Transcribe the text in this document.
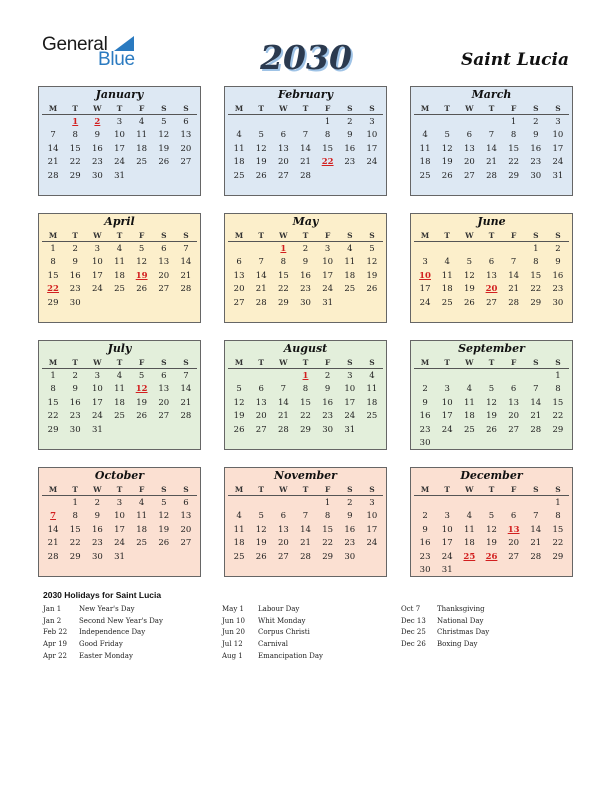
General
Blue	2030	Saint Lucia
January
M	T	W	T	F	S	S
	1	2	3	4	5	6
7	8	9	10	11	12	13
14	15	16	17	18	19	20
21	22	23	24	25	26	27
28	29	30	31			
February
M	T	W	T	F	S	S
				1	2	3
4	5	6	7	8	9	10
11	12	13	14	15	16	17
18	19	20	21	22	23	24
25	26	27	28			
March
M	T	W	T	F	S	S
				1	2	3
4	5	6	7	8	9	10
11	12	13	14	15	16	17
18	19	20	21	22	23	24
25	26	27	28	29	30	31
April
M	T	W	T	F	S	S
1	2	3	4	5	6	7
8	9	10	11	12	13	14
15	16	17	18	19	20	21
22	23	24	25	26	27	28
29	30					
May
M	T	W	T	F	S	S
		1	2	3	4	5
6	7	8	9	10	11	12
13	14	15	16	17	18	19
20	21	22	23	24	25	26
27	28	29	30	31		
June
M	T	W	T	F	S	S
					1	2
3	4	5	6	7	8	9
10	11	12	13	14	15	16
17	18	19	20	21	22	23
24	25	26	27	28	29	30
July
M	T	W	T	F	S	S
1	2	3	4	5	6	7
8	9	10	11	12	13	14
15	16	17	18	19	20	21
22	23	24	25	26	27	28
29	30	31				
August
M	T	W	T	F	S	S
			1	2	3	4
5	6	7	8	9	10	11
12	13	14	15	16	17	18
19	20	21	22	23	24	25
26	27	28	29	30	31	
September
M	T	W	T	F	S	S
						1
2	3	4	5	6	7	8
9	10	11	12	13	14	15
16	17	18	19	20	21	22
23	24	25	26	27	28	29
30						
October
M	T	W	T	F	S	S
	1	2	3	4	5	6
7	8	9	10	11	12	13
14	15	16	17	18	19	20
21	22	23	24	25	26	27
28	29	30	31			
November
M	T	W	T	F	S	S
				1	2	3
4	5	6	7	8	9	10
11	12	13	14	15	16	17
18	19	20	21	22	23	24
25	26	27	28	29	30	
December
M	T	W	T	F	S	S
						1
2	3	4	5	6	7	8
9	10	11	12	13	14	15
16	17	18	19	20	21	22
23	24	25	26	27	28	29
30	31					
2030 Holidays for Saint Lucia
Jan 1	New Year's Day
Jan 2	Second New Year's Day
Feb 22 Independence Day
Apr 19 Good Friday
Apr 22 Easter Monday
May 1 Labour Day
Jun 10 Whit Monday
Jun 20 Corpus Christi
Jul 12 Carnival
Aug 1 Emancipation Day
Oct 7 Thanksgiving
Dec 13 National Day
Dec 25 Christmas Day
Dec 26 Boxing Day
